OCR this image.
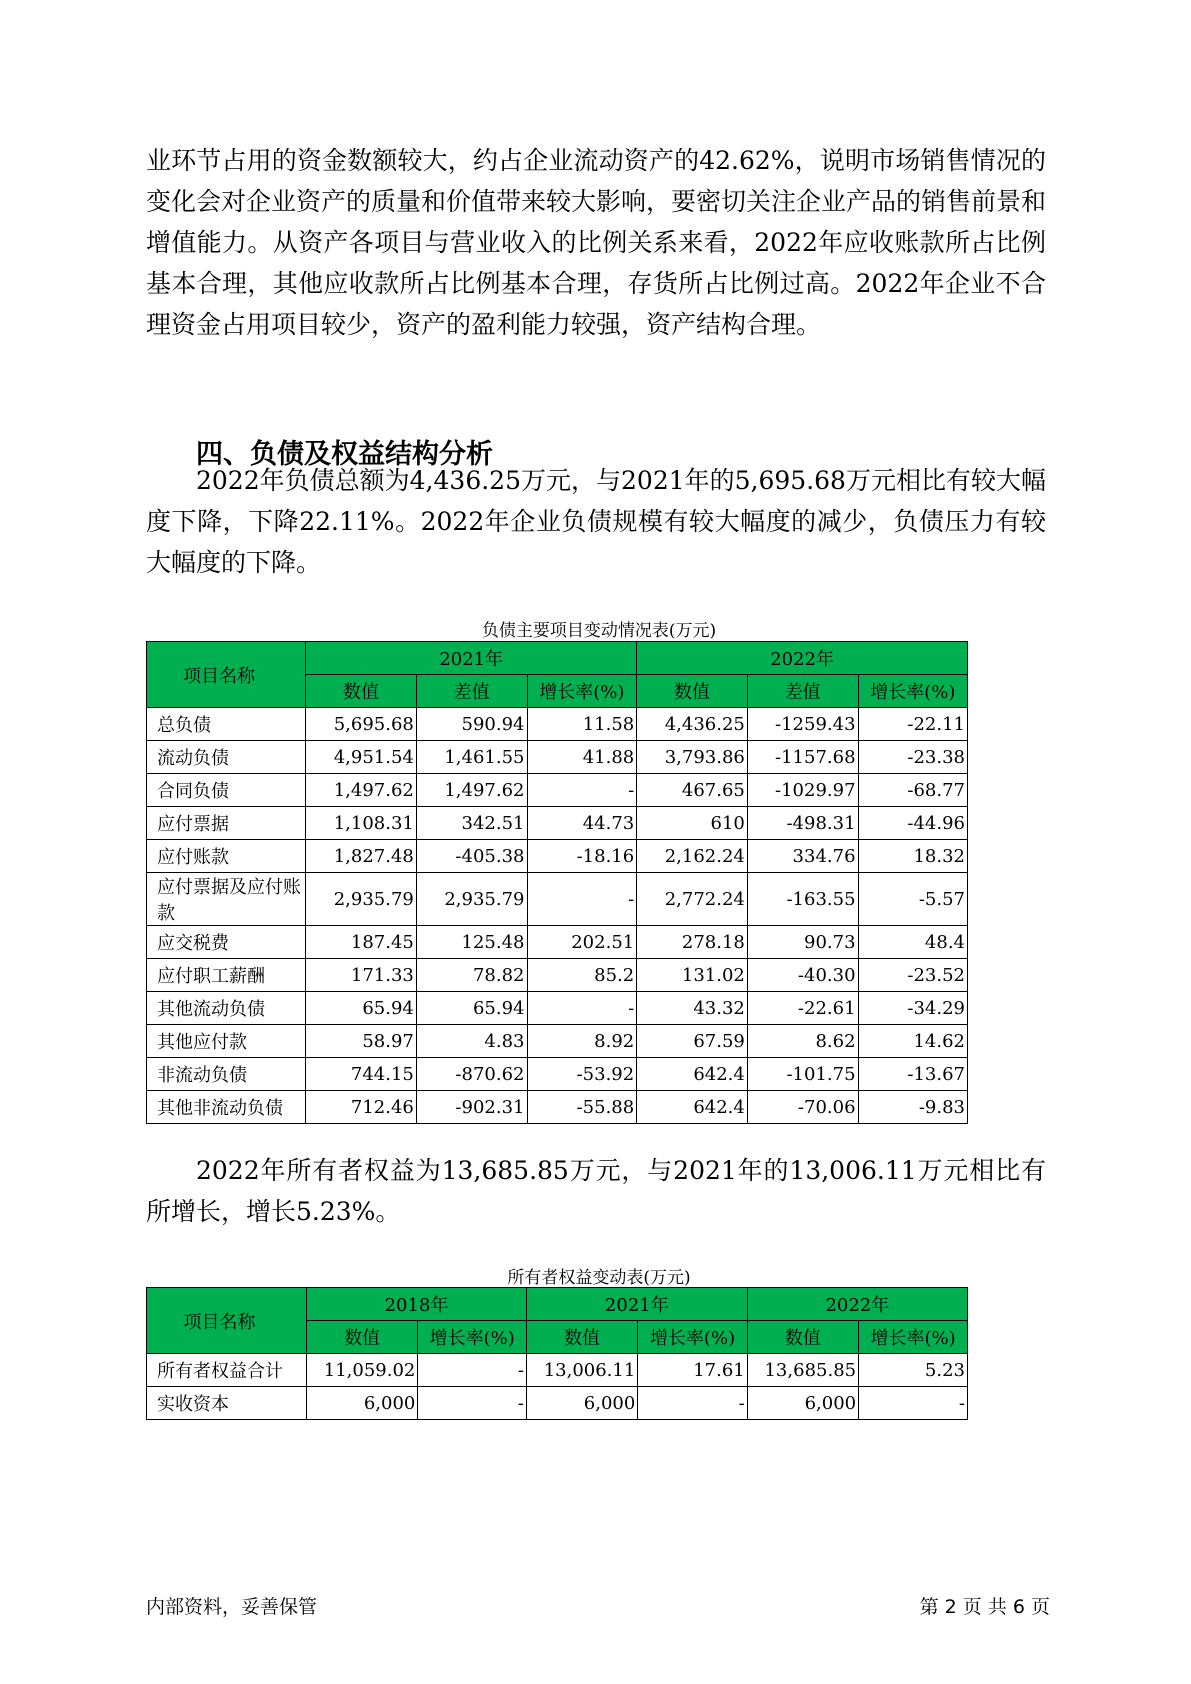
业环节占用的资金数额较大，约占企业流动资产的42.62%，说明市场销售情况的变化会对企业资产的质量和价值带来较大影响，要密切关注企业产品的销售前景和增值能力。从资产各项目与营业收入的比例关系来看，2022年应收账款所占比例基本合理，其他应收款所占比例基本合理，存货所占比例过高。2022年企业不合理资金占用项目较少，资产的盈利能力较强，资产结构合理。

四、负债及权益结构分析

2022年负债总额为4,436.25万元，与2021年的5,695.68万元相比有较大幅度下降，下降22.11%。2022年企业负债规模有较大幅度的减少，负债压力有较大幅度的下降。

负债主要项目变动情况表(万元)
项目名称	2021年			2022年		
	数值	差值	增长率(%)	数值	差值	增长率(%)
总负债	5,695.68	590.94	11.58	4,436.25	-1259.43	-22.11
流动负债	4,951.54	1,461.55	41.88	3,793.86	-1157.68	-23.38
合同负债	1,497.62	1,497.62	-	467.65	-1029.97	-68.77
应付票据	1,108.31	342.51	44.73	610	-498.31	-44.96
应付账款	1,827.48	-405.38	-18.16	2,162.24	334.76	18.32
应付票据及应付账款	2,935.79	2,935.79	-	2,772.24	-163.55	-5.57
应交税费	187.45	125.48	202.51	278.18	90.73	48.4
应付职工薪酬	171.33	78.82	85.2	131.02	-40.30	-23.52
其他流动负债	65.94	65.94	-	43.32	-22.61	-34.29
其他应付款	58.97	4.83	8.92	67.59	8.62	14.62
非流动负债	744.15	-870.62	-53.92	642.4	-101.75	-13.67
其他非流动负债	712.46	-902.31	-55.88	642.4	-70.06	-9.83

2022年所有者权益为13,685.85万元，与2021年的13,006.11万元相比有所增长，增长5.23%。

所有者权益变动表(万元)
项目名称	2018年		2021年		2022年	
	数值	增长率(%)	数值	增长率(%)	数值	增长率(%)
所有者权益合计	11,059.02	-	13,006.11	17.61	13,685.85	5.23
实收资本	6,000	-	6,000	-	6,000	-
内部资料，妥善保管	第 2 页 共 6 页
